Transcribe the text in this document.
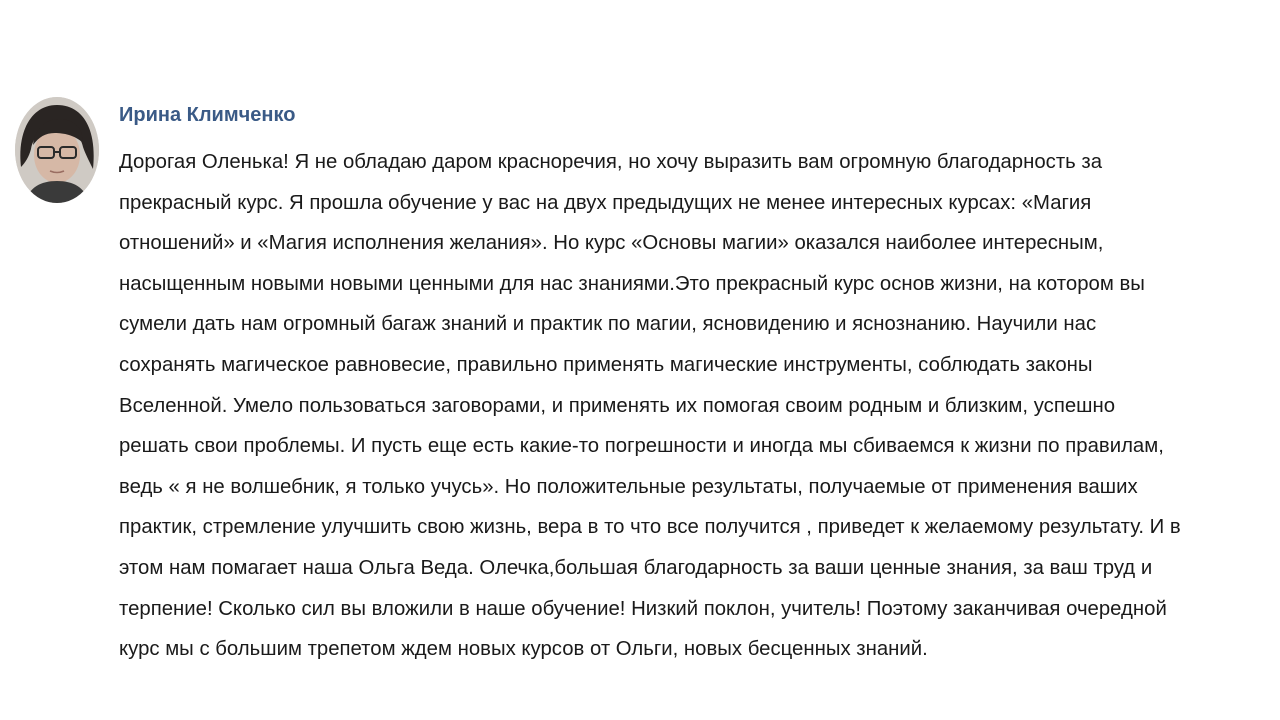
Ирина Климченко
Дорогая Оленька! Я не обладаю даром красноречия, но хочу выразить вам огромную благодарность за прекрасный курс. Я прошла обучение у вас на двух предыдущих не менее интересных курсах: «Магия отношений» и «Магия исполнения желания». Но курс «Основы магии» оказался наиболее интересным, насыщенным новыми новыми ценными для нас знаниями.Это прекрасный курс основ жизни, на котором вы сумели дать нам огромный багаж знаний и практик по магии, ясновидению и яснознанию. Научили нас сохранять магическое равновесие, правильно применять магические инструменты, соблюдать законы Вселенной. Умело пользоваться заговорами, и применять их помогая своим родным и близким, успешно решать свои проблемы. И пусть еще есть какие-то погрешности и иногда мы сбиваемся к жизни по правилам, ведь « я не волшебник, я только учусь». Но положительные результаты, получаемые от применения ваших практик, стремление улучшить свою жизнь, вера в то что все получится , приведет к желаемому результату. И в этом нам помагает наша Ольга Веда. Олечка,большая благодарность за ваши ценные знания, за ваш труд и терпение! Сколько сил вы вложили в наше обучение! Низкий поклон, учитель! Поэтому заканчивая очередной курс мы с большим трепетом ждем новых курсов от Ольги, новых бесценных знаний.
